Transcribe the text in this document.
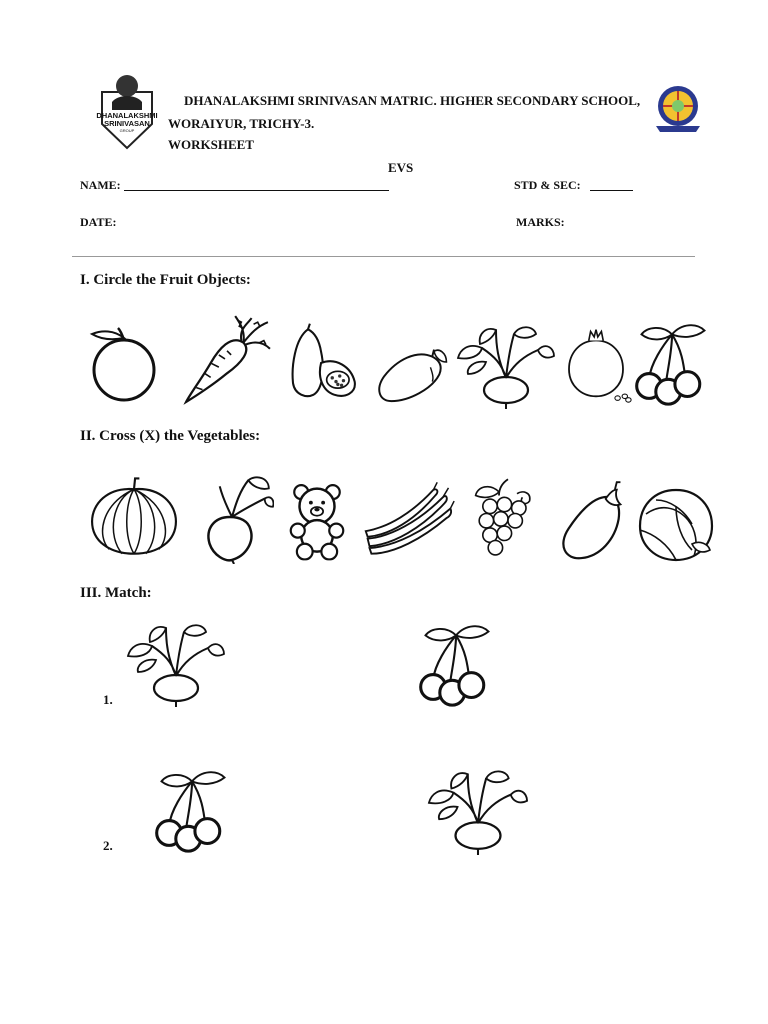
DHANALAKSHMI
SRINIVASAN
GROUP
DHANALAKSHMI SRINIVASAN MATRIC. HIGHER SECONDARY SCHOOL,
WORAIYUR, TRICHY-3.
WORKSHEET
EVS
NAME:	STD & SEC:
DATE:	MARKS:
I. Circle the Fruit Objects:
II. Cross (X) the Vegetables:
III. Match:
1.
2.
